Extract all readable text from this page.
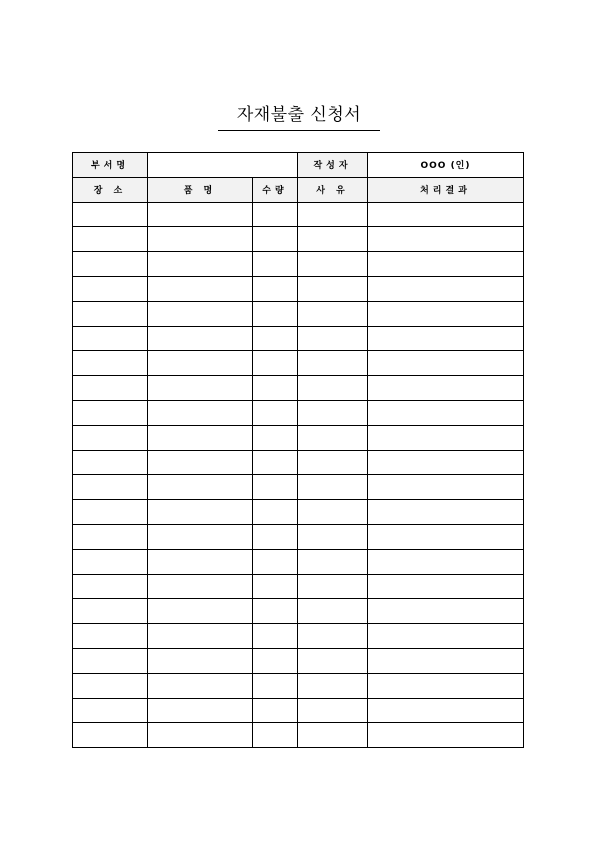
자재불출 신청서
부서명			작성자	OOO (인)
장 소	품 명	수량	사 유	처리결과
